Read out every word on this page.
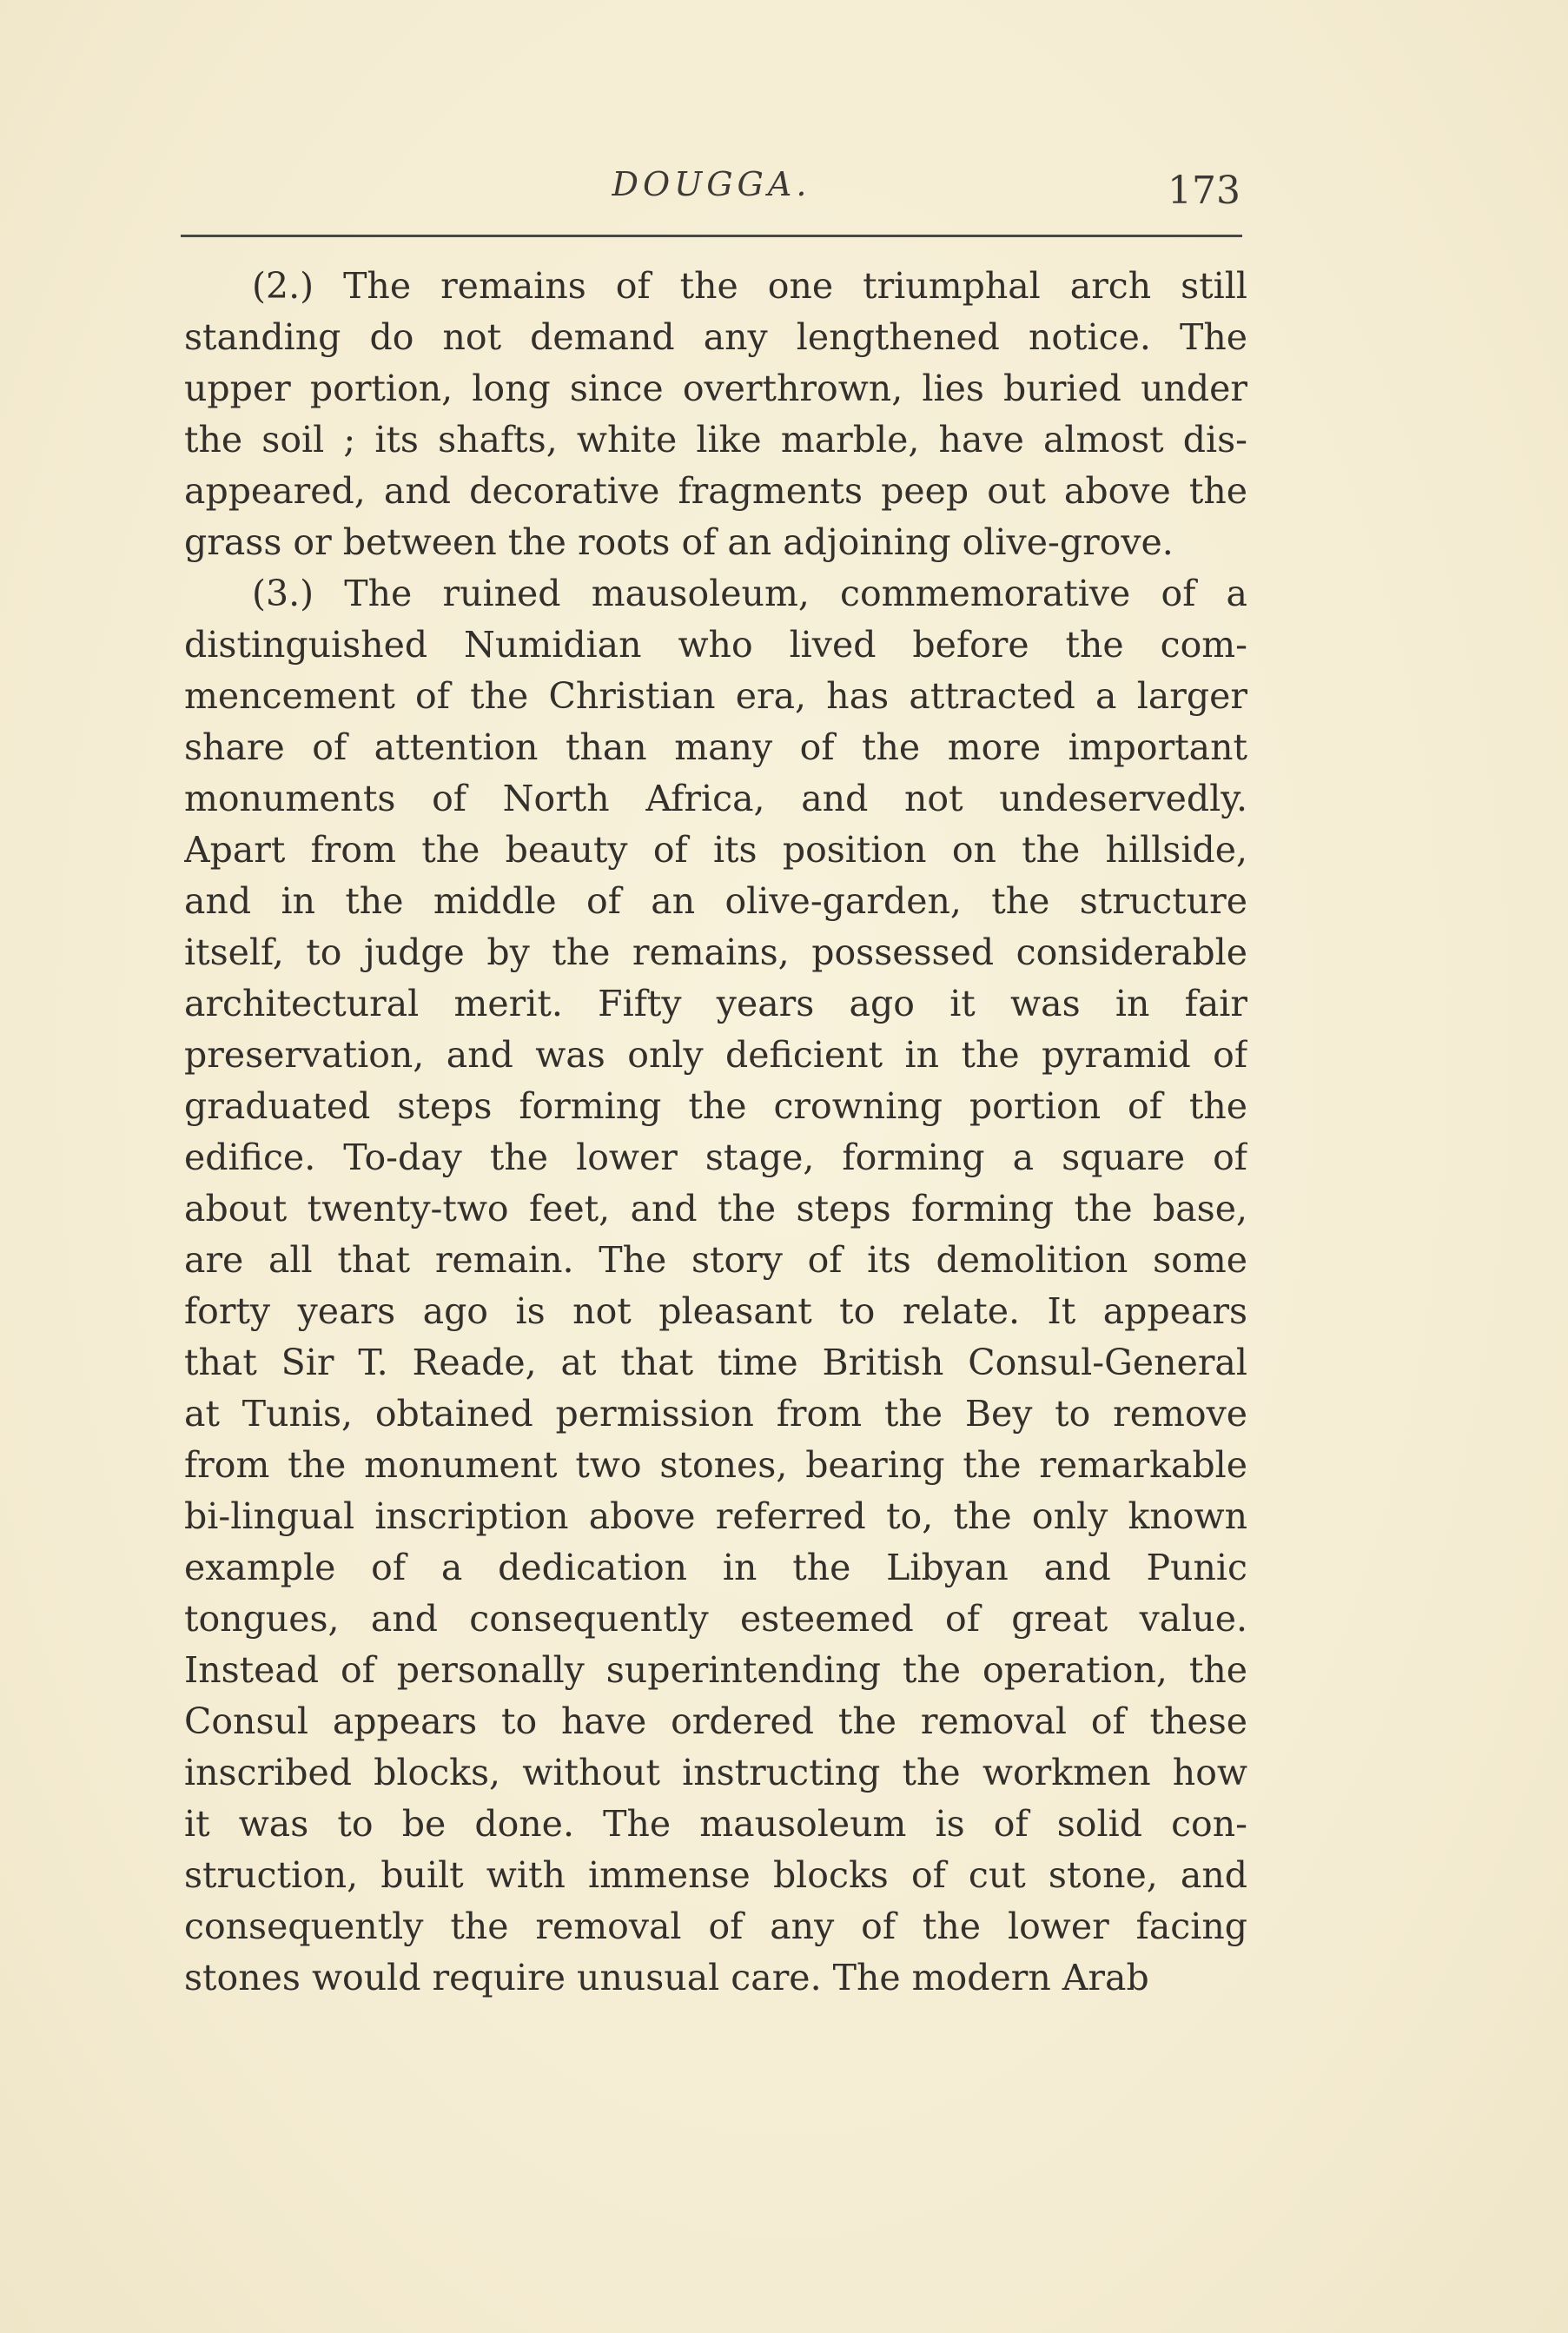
DOUGGA.	173
(2.) The remains of the one triumphal arch still
standing do not demand any lengthened notice. The
upper portion, long since overthrown, lies buried under
the soil ; its shafts, white like marble, have almost dis-
appeared, and decorative fragments peep out above the
grass or between the roots of an adjoining olive-grove.
(3.) The ruined mausoleum, commemorative of a
distinguished Numidian who lived before the com-
mencement of the Christian era, has attracted a larger
share of attention than many of the more important
monuments of North Africa, and not undeservedly.
Apart from the beauty of its position on the hillside,
and in the middle of an olive-garden, the structure
itself, to judge by the remains, possessed considerable
architectural merit. Fifty years ago it was in fair
preservation, and was only deficient in the pyramid of
graduated steps forming the crowning portion of the
edifice. To-day the lower stage, forming a square of
about twenty-two feet, and the steps forming the base,
are all that remain. The story of its demolition some
forty years ago is not pleasant to relate. It appears
that Sir T. Reade, at that time British Consul-General
at Tunis, obtained permission from the Bey to remove
from the monument two stones, bearing the remarkable
bi-lingual inscription above referred to, the only known
example of a dedication in the Libyan and Punic
tongues, and consequently esteemed of great value.
Instead of personally superintending the operation, the
Consul appears to have ordered the removal of these
inscribed blocks, without instructing the workmen how
it was to be done. The mausoleum is of solid con-
struction, built with immense blocks of cut stone, and
consequently the removal of any of the lower facing
stones would require unusual care. The modern Arab
